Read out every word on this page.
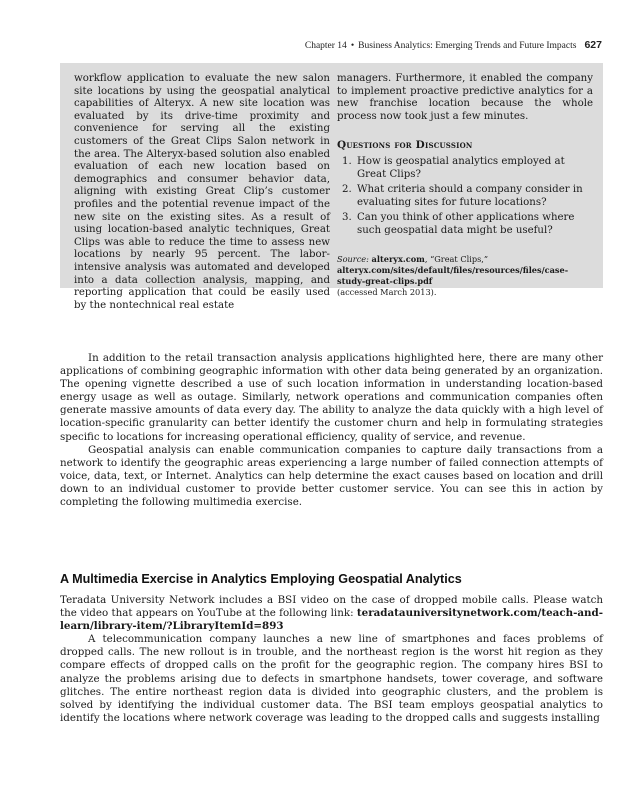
Chapter 14 • Business Analytics: Emerging Trends and Future Impacts 627
workflow application to evaluate the new salon site locations by using the geospatial analytical capabilities of Alteryx. A new site location was evaluated by its drive-time proximity and convenience for serving all the existing customers of the Great Clips Salon network in the area. The Alteryx-based solution also enabled evaluation of each new location based on demographics and consumer behavior data, aligning with existing Great Clip’s customer profiles and the potential revenue impact of the new site on the existing sites. As a result of using location-based analytic techniques, Great Clips was able to reduce the time to assess new locations by nearly 95 percent. The labor-intensive analysis was automated and developed into a data collection analysis, mapping, and reporting application that could be easily used by the nontechnical real estate

managers. Furthermore, it enabled the company to implement proactive predictive analytics for a new franchise location because the whole process now took just a few minutes.

Questions for Discussion
1. How is geospatial analytics employed at Great Clips?
2. What criteria should a company consider in evaluating sites for future locations?
3. Can you think of other applications where such geospatial data might be useful?
Source: alteryx.com, “Great Clips,” alteryx.com/sites/default/files/resources/files/case-study-great-clips.pdf
(accessed March 2013).

In addition to the retail transaction analysis applications highlighted here, there are many other applications of combining geographic information with other data being generated by an organization. The opening vignette described a use of such location information in understanding location-based energy usage as well as outage. Similarly, network operations and communication companies often generate massive amounts of data every day. The ability to analyze the data quickly with a high level of location-specific granularity can better identify the customer churn and help in formulating strategies specific to locations for increasing operational efficiency, quality of service, and revenue.

Geospatial analysis can enable communication companies to capture daily transactions from a network to identify the geographic areas experiencing a large number of failed connection attempts of voice, data, text, or Internet. Analytics can help determine the exact causes based on location and drill down to an individual customer to provide better customer service. You can see this in action by completing the following multimedia exercise.

A Multimedia Exercise in Analytics Employing Geospatial Analytics

Teradata University Network includes a BSI video on the case of dropped mobile calls. Please watch the video that appears on YouTube at the following link: teradatauniversitynetwork.com/teach-and-learn/library-item/?LibraryItemId=893

A telecommunication company launches a new line of smartphones and faces problems of dropped calls. The new rollout is in trouble, and the northeast region is the worst hit region as they compare effects of dropped calls on the profit for the geographic region. The company hires BSI to analyze the problems arising due to defects in smartphone handsets, tower coverage, and software glitches. The entire northeast region data is divided into geographic clusters, and the problem is solved by identifying the individual customer data. The BSI team employs geospatial analytics to identify the locations where network coverage was leading to the dropped calls and suggests installing
